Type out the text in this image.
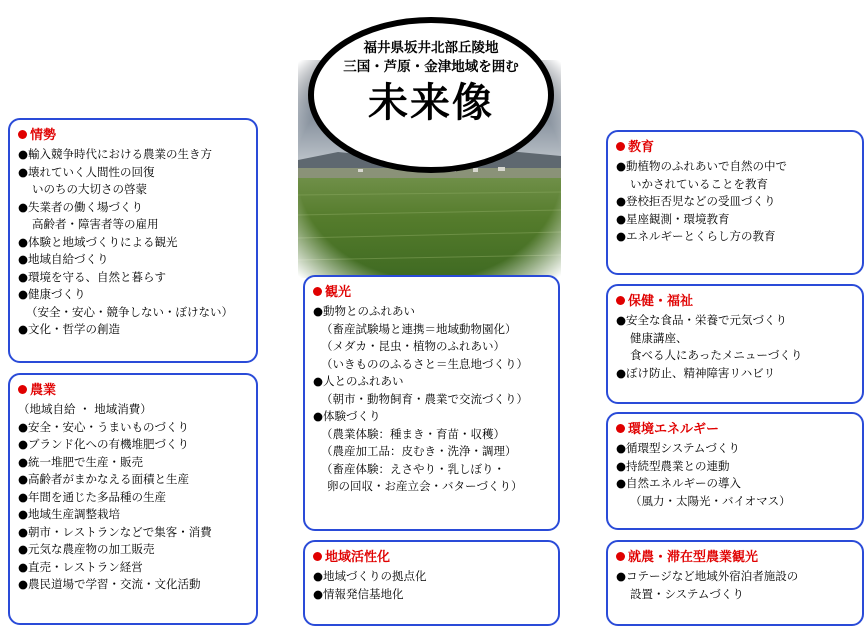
福井県坂井北部丘陵地
三国・芦原・金津地域を囲む
未来像
情勢
●輸入競争時代における農業の生き方
●壊れていく人間性の回復
いのちの大切さの啓蒙
●失業者の働く場づくり
高齢者・障害者等の雇用
●体験と地域づくりによる観光
●地域自給づくり
●環境を守る、自然と暮らす
●健康づくり
（安全・安心・競争しない・ぼけない）
●文化・哲学の創造
農業
（地域自給 ・ 地域消費）
●安全・安心・うまいものづくり
●ブランド化への有機堆肥づくり
●統一堆肥で生産・販売
●高齢者がまかなえる面積と生産
●年間を通じた多品種の生産
●地域生産調整栽培
●朝市・レストランなどで集客・消費
●元気な農産物の加工販売
●直売・レストラン経営
●農民道場で学習・交流・文化活動
観光
●動物とのふれあい
（畜産試験場と連携＝地域動物園化）
（メダカ・昆虫・植物のふれあい）
（いきもののふるさと＝生息地づくり）
●人とのふれあい
（朝市・動物飼育・農業で交流づくり）
●体験づくり
（農業体験：種まき・育苗・収穫）
（農産加工品：皮むき・洗浄・調理）
（畜産体験：えさやり・乳しぼり・
卵の回収・お産立会・バターづくり）
地域活性化
●地域づくりの拠点化
●情報発信基地化
教育
●動植物のふれあいで自然の中で
いかされていることを教育
●登校拒否児などの受皿づくり
●星座観測・環境教育
●エネルギーとくらし方の教育
保健・福祉
●安全な食品・栄養で元気づくり
健康講座、
食べる人にあったメニューづくり
●ぼけ防止、精神障害リハビリ
環境エネルギー
●循環型システムづくり
●持続型農業との連動
●自然エネルギーの導入
（風力・太陽光・バイオマス）
就農・滞在型農業観光
●コテージなど地域外宿泊者施設の
設置・システムづくり
